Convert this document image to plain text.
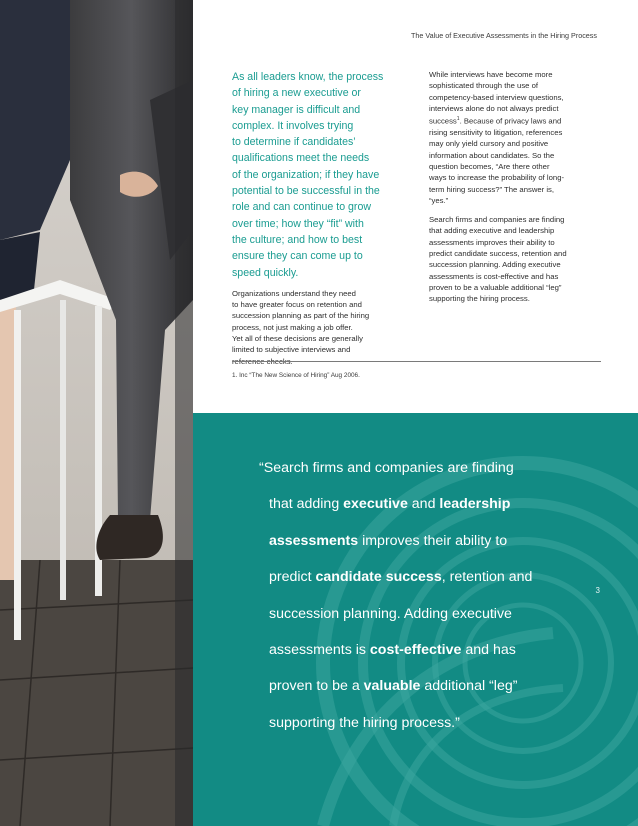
The Value of Executive Assessments in the Hiring Process

As all leaders know, the process
of hiring a new executive or
key manager is difficult and
complex. It involves trying
to determine if candidates’
qualifications meet the needs
of the organization; if they have
potential to be successful in the
role and can continue to grow
over time; how they “fit” with
the culture; and how to best
ensure they can come up to
speed quickly.

Organizations understand they need
to have greater focus on retention and
succession planning as part of the hiring
process, not just making a job offer.
Yet all of these decisions are generally
limited to subjective interviews and
reference checks.

While interviews have become more
sophisticated through the use of
competency-based interview questions,
interviews alone do not always predict
success$^1$. Because of privacy laws and
rising sensitivity to litigation, references
may only yield cursory and positive
information about candidates. So the
question becomes, “Are there other
ways to increase the probability of long-
term hiring success?” The answer is,
“yes.”

Search firms and companies are finding
that adding executive and leadership
assessments improves their ability to
predict candidate success, retention and
succession planning. Adding executive
assessments is cost-effective and has
proven to be a valuable additional “leg”
supporting the hiring process.

1. Inc “The New Science of Hiring” Aug 2006.
“Search firms and companies are finding
that adding executive and leadership
assessments improves their ability to
predict candidate success, retention and
succession planning. Adding executive
assessments is cost-effective and has
proven to be a valuable additional “leg”
supporting the hiring process.”
3
